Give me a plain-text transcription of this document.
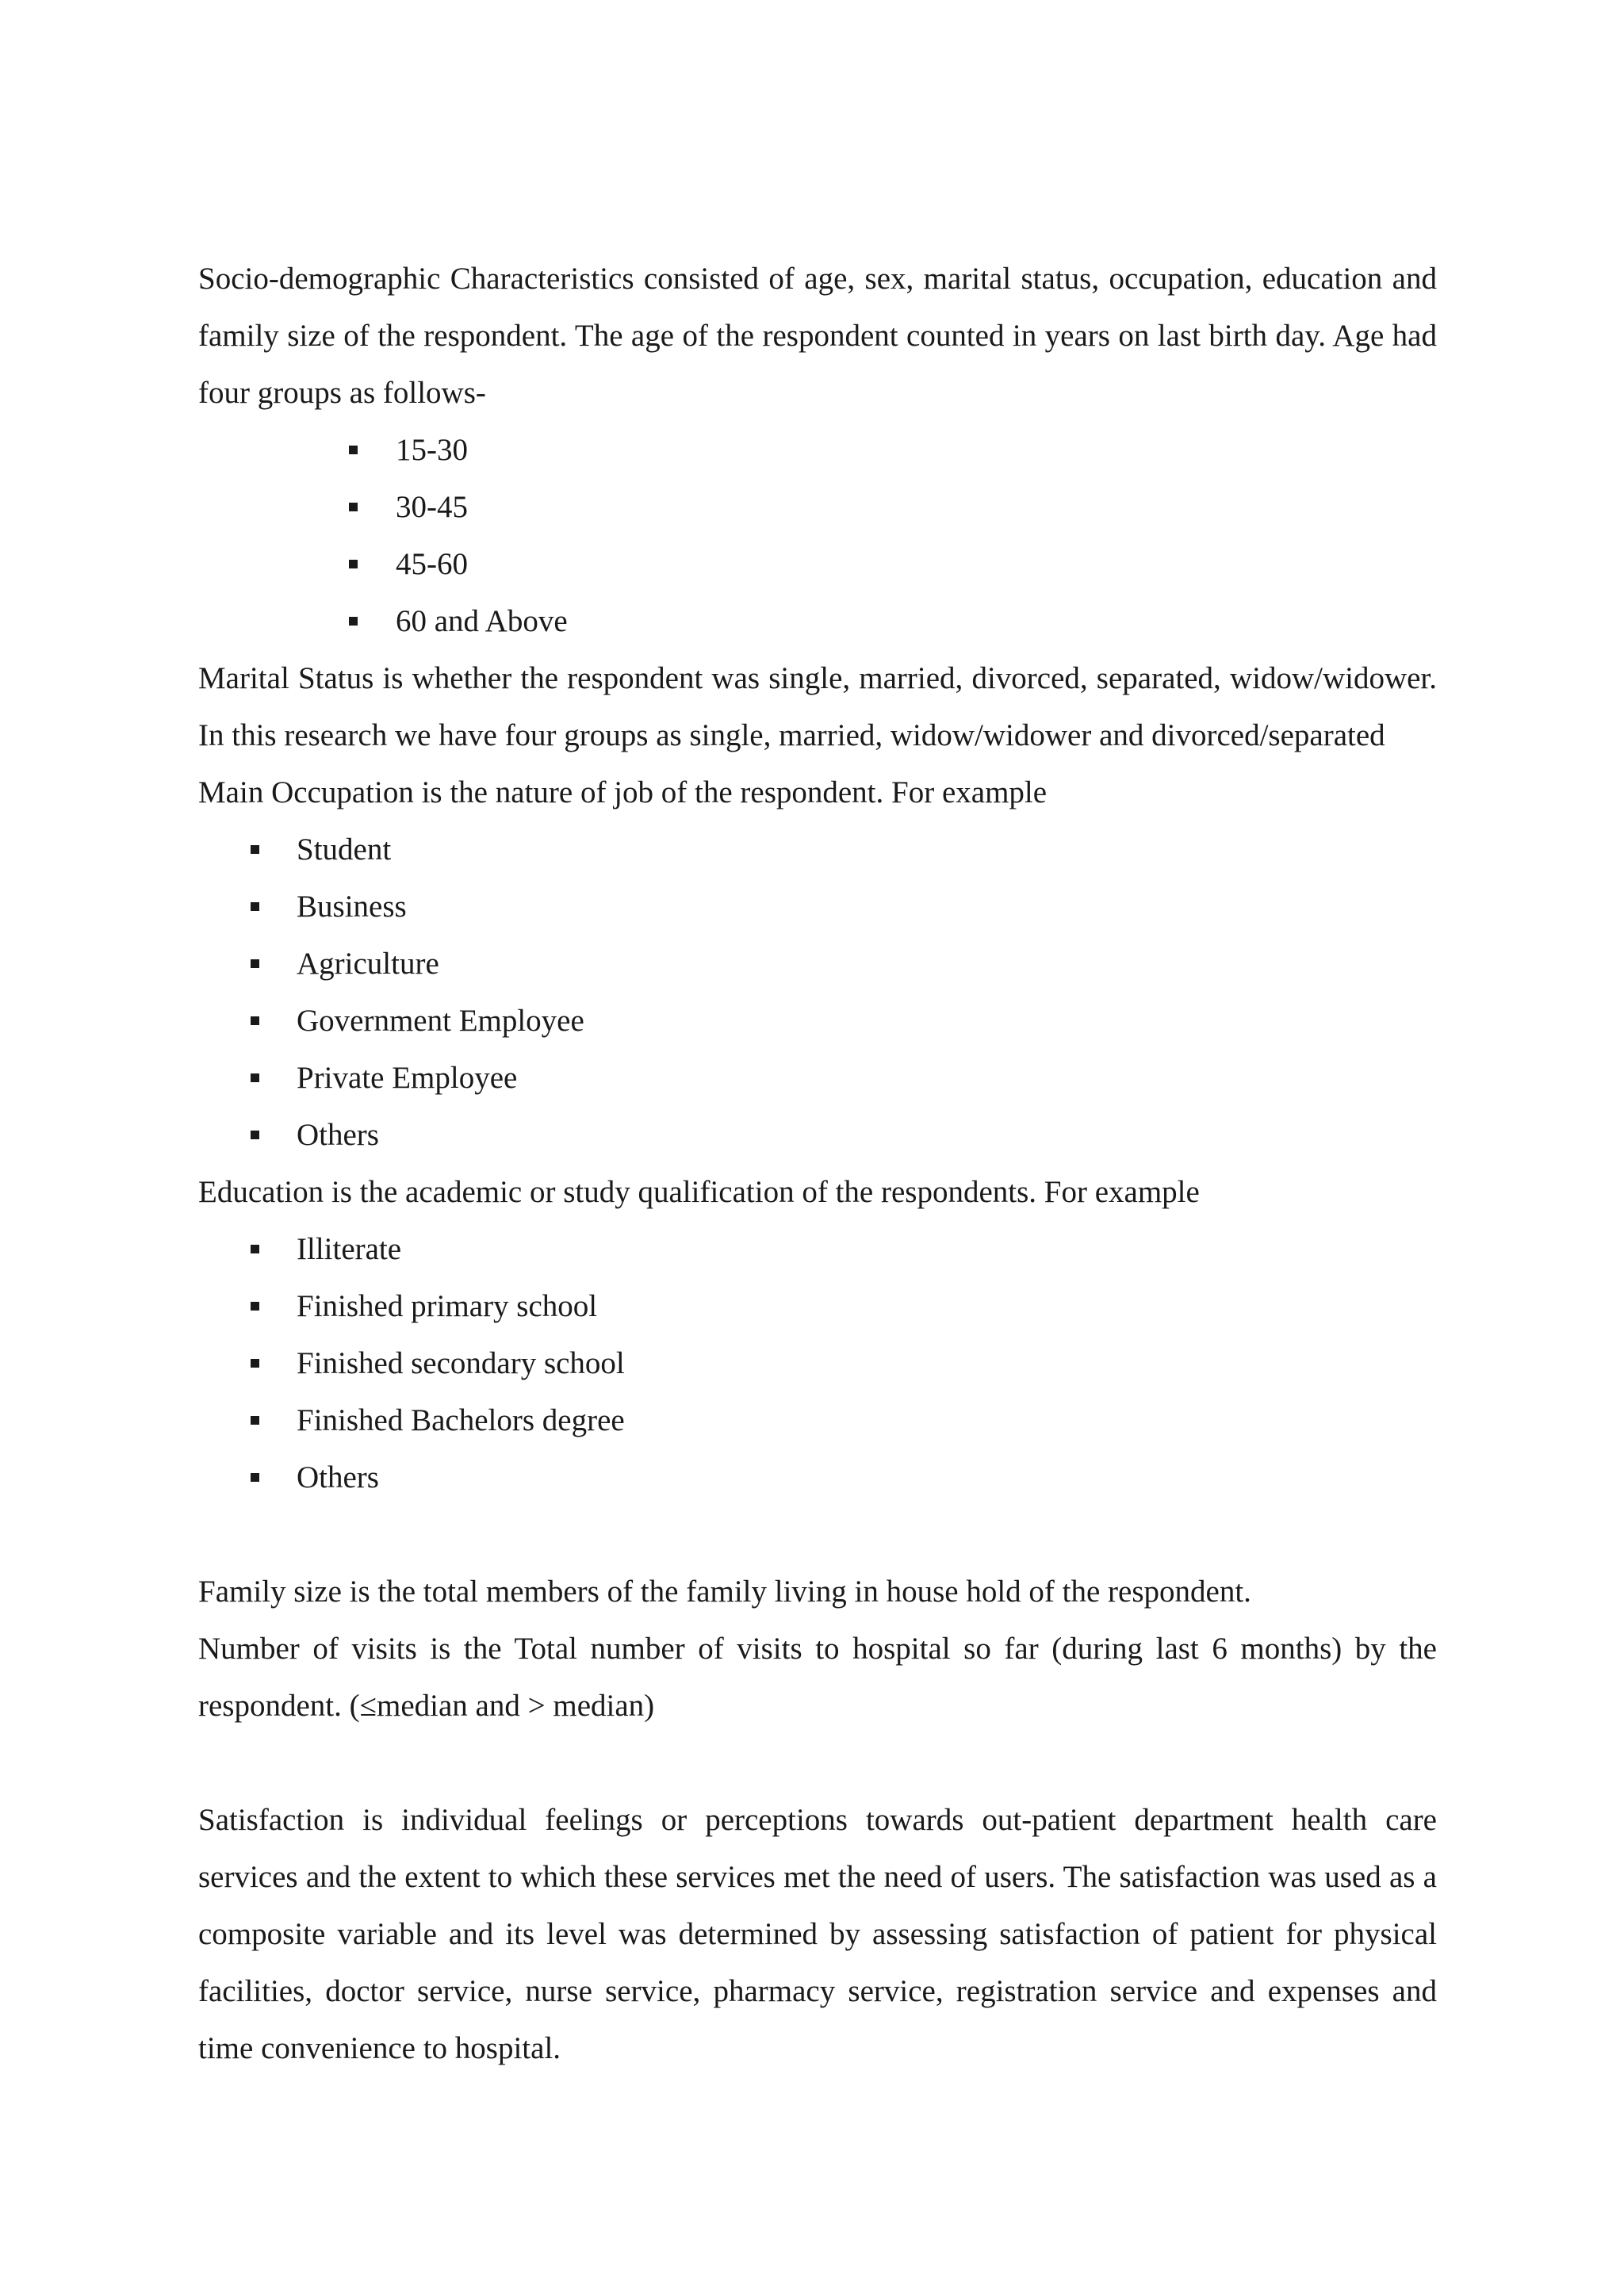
Socio-demographic Characteristics consisted of age, sex, marital status, occupation, education and family size of the respondent. The age of the respondent counted in years on last birth day. Age had four groups as follows-

15-30
30-45
45-60
60 and Above

Marital Status is whether the respondent was single, married, divorced, separated, widow/widower. In this research we have four groups as single, married, widow/widower and divorced/separated

Main Occupation is the nature of job of the respondent. For example

Student
Business
Agriculture
Government Employee
Private Employee
Others

Education is the academic or study qualification of the respondents. For example

Illiterate
Finished primary school
Finished secondary school
Finished Bachelors degree
Others

Family size is the total members of the family living in house hold of the respondent.

Number of visits is the Total number of visits to hospital so far (during last 6 months) by the respondent. (≤median and > median)

Satisfaction is individual feelings or perceptions towards out-patient department health care services and the extent to which these services met the need of users. The satisfaction was used as a composite variable and its level was determined by assessing satisfaction of patient for physical facilities, doctor service, nurse service, pharmacy service, registration service and expenses and time convenience to hospital.
